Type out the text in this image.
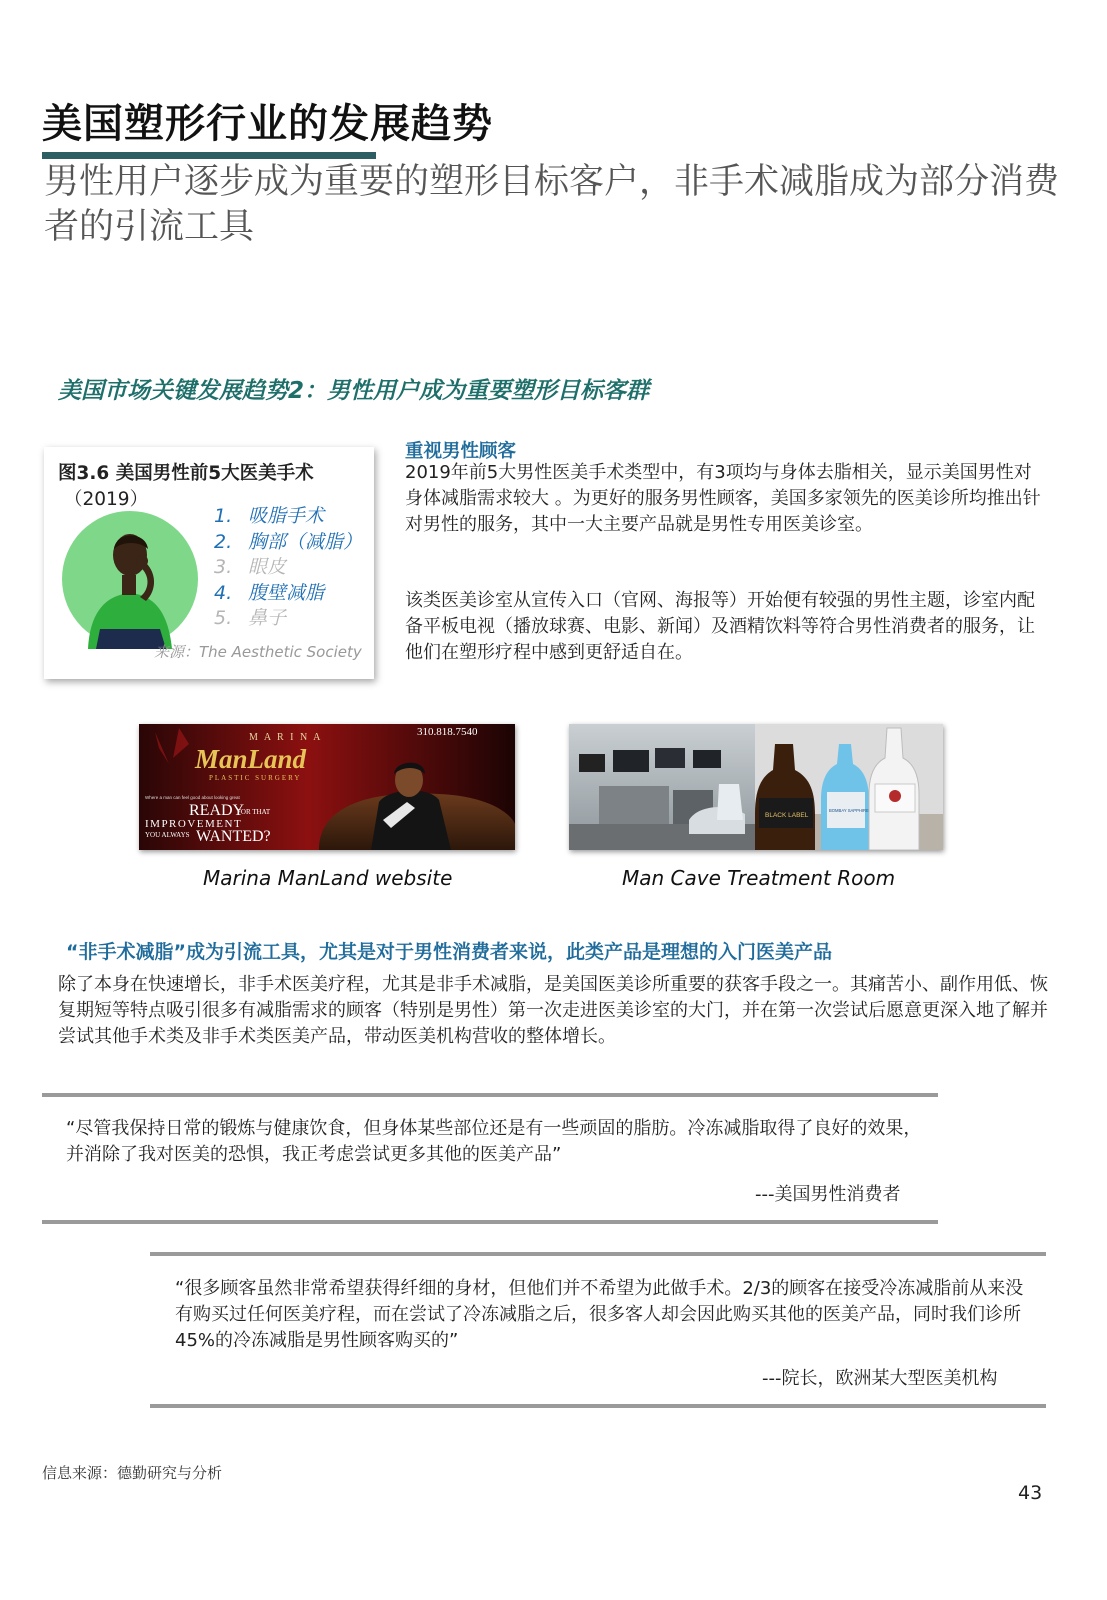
美国塑形行业的发展趋势
男性用户逐步成为重要的塑形目标客户，非手术减脂成为部分消费者的引流工具
美国市场关键发展趋势2：男性用户成为重要塑形目标客群
图3.6 美国男性前5大医美手术
（2019）
1. 吸脂手术
2. 胸部（减脂）
3. 眼皮
4. 腹壁减脂
5. 鼻子
来源：The Aesthetic Society
重视男性顾客
2019年前5大男性医美手术类型中，有3项均与身体去脂相关，显示美国男性对身体减脂需求较大 。为更好的服务男性顾客，美国多家领先的医美诊所均推出针对男性的服务，其中一大主要产品就是男性专用医美诊室。
该类医美诊室从宣传入口（官网、海报等）开始便有较强的男性主题，诊室内配备平板电视（播放球赛、电影、新闻）及酒精饮料等符合男性消费者的服务，让他们在塑形疗程中感到更舒适自在。
M A R I N A
ManLand
PLASTIC SURGERY
310.818.7540
Where a man can feel good about looking great
READY
FOR THAT
IMPROVEMENT
YOU ALWAYS WANTED?
BLACK LABEL
BOMBAY SAPPHIRE
Marina ManLand website	Man Cave Treatment Room
“非手术减脂”成为引流工具，尤其是对于男性消费者来说，此类产品是理想的入门医美产品
除了本身在快速增长，非手术医美疗程，尤其是非手术减脂，是美国医美诊所重要的获客手段之一。其痛苦小、副作用低、恢复期短等特点吸引很多有减脂需求的顾客（特别是男性）第一次走进医美诊室的大门，并在第一次尝试后愿意更深入地了解并尝试其他手术类及非手术类医美产品，带动医美机构营收的整体增长。
“尽管我保持日常的锻炼与健康饮食，但身体某些部位还是有一些顽固的脂肪。冷冻减脂取得了良好的效果，并消除了我对医美的恐惧，我正考虑尝试更多其他的医美产品”
---美国男性消费者
“很多顾客虽然非常希望获得纤细的身材，但他们并不希望为此做手术。2/3的顾客在接受冷冻减脂前从来没有购买过任何医美疗程，而在尝试了冷冻减脂之后，很多客人却会因此购买其他的医美产品，同时我们诊所45%的冷冻减脂是男性顾客购买的”
---院长，欧洲某大型医美机构
信息来源：德勤研究与分析
43
